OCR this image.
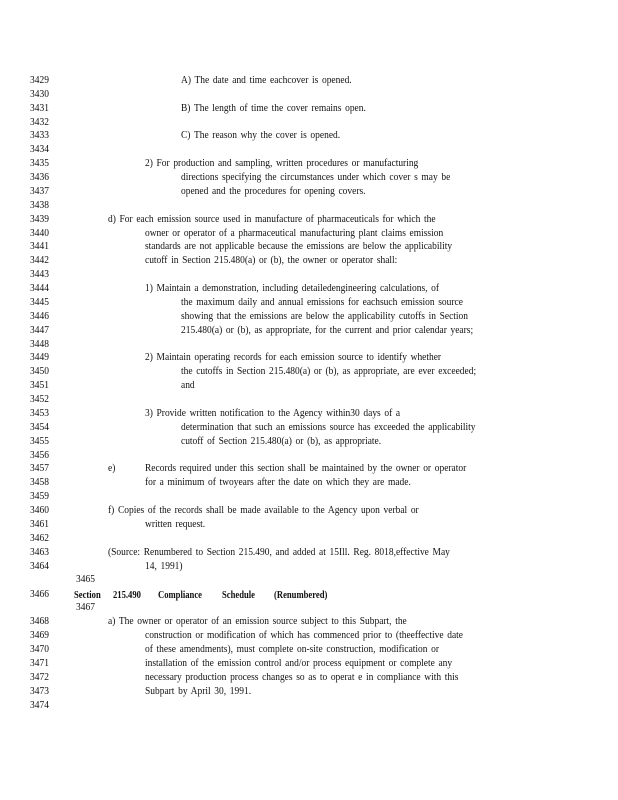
3429
3430
3431
3432
3433
3434
3435
3436
3437
3438
3439
3440
3441
3442
3443
3444
3445
3446
3447
3448
3449
3450
3451
3452
3453
3454
3455
3456
3457
3458
3459
3460
3461
3462
3463
3464
3465
3466
3467
3468
3469
3470
3471
3472
3473
3474
A) The date and time eachcover is opened.
B) The length of time the cover remains open.
C) The reason why the cover is opened.
2) For production and sampling, written procedures or manufacturing
directions specifying the circumstances under which cover s may be
opened and the procedures for opening covers.
d) For each emission source used in manufacture of pharmaceuticals for which the
owner or operator of a pharmaceutical manufacturing plant claims emission
standards are not applicable because the emissions are below the applicability
cutoff in Section 215.480(a) or (b), the owner or operator shall:
1) Maintain a demonstration, including detailedengineering calculations, of
the maximum daily and annual emissions for eachsuch emission source
showing that the emissions are below the applicability cutoffs in Section
215.480(a) or (b), as appropriate, for the current and prior calendar years;
2) Maintain operating records for each emission source to identify whether
the cutoffs in Section 215.480(a) or (b), as appropriate, are ever exceeded;
and
3) Provide written notification to the Agency within30 days of a
determination that such an emissions source has exceeded the applicability
cutoff of Section 215.480(a) or (b), as appropriate.
e)	Records required under this section shall be maintained by the owner or operator
for a minimum of twoyears after the date on which they are made.
f) Copies of the records shall be made available to the Agency upon verbal or
written request.
(Source: Renumbered to Section 215.490, and added at 15Ill. Reg. 8018,effective May
14, 1991)
Section 215.490 Compliance Schedule (Renumbered)
a) The owner or operator of an emission source subject to this Subpart, the
construction or modification of which has commenced prior to (theeffective date
of these amendments), must complete on-site construction, modification or
installation of the emission control and/or process equipment or complete any
necessary production process changes so as to operat e in compliance with this
Subpart by April 30, 1991.
